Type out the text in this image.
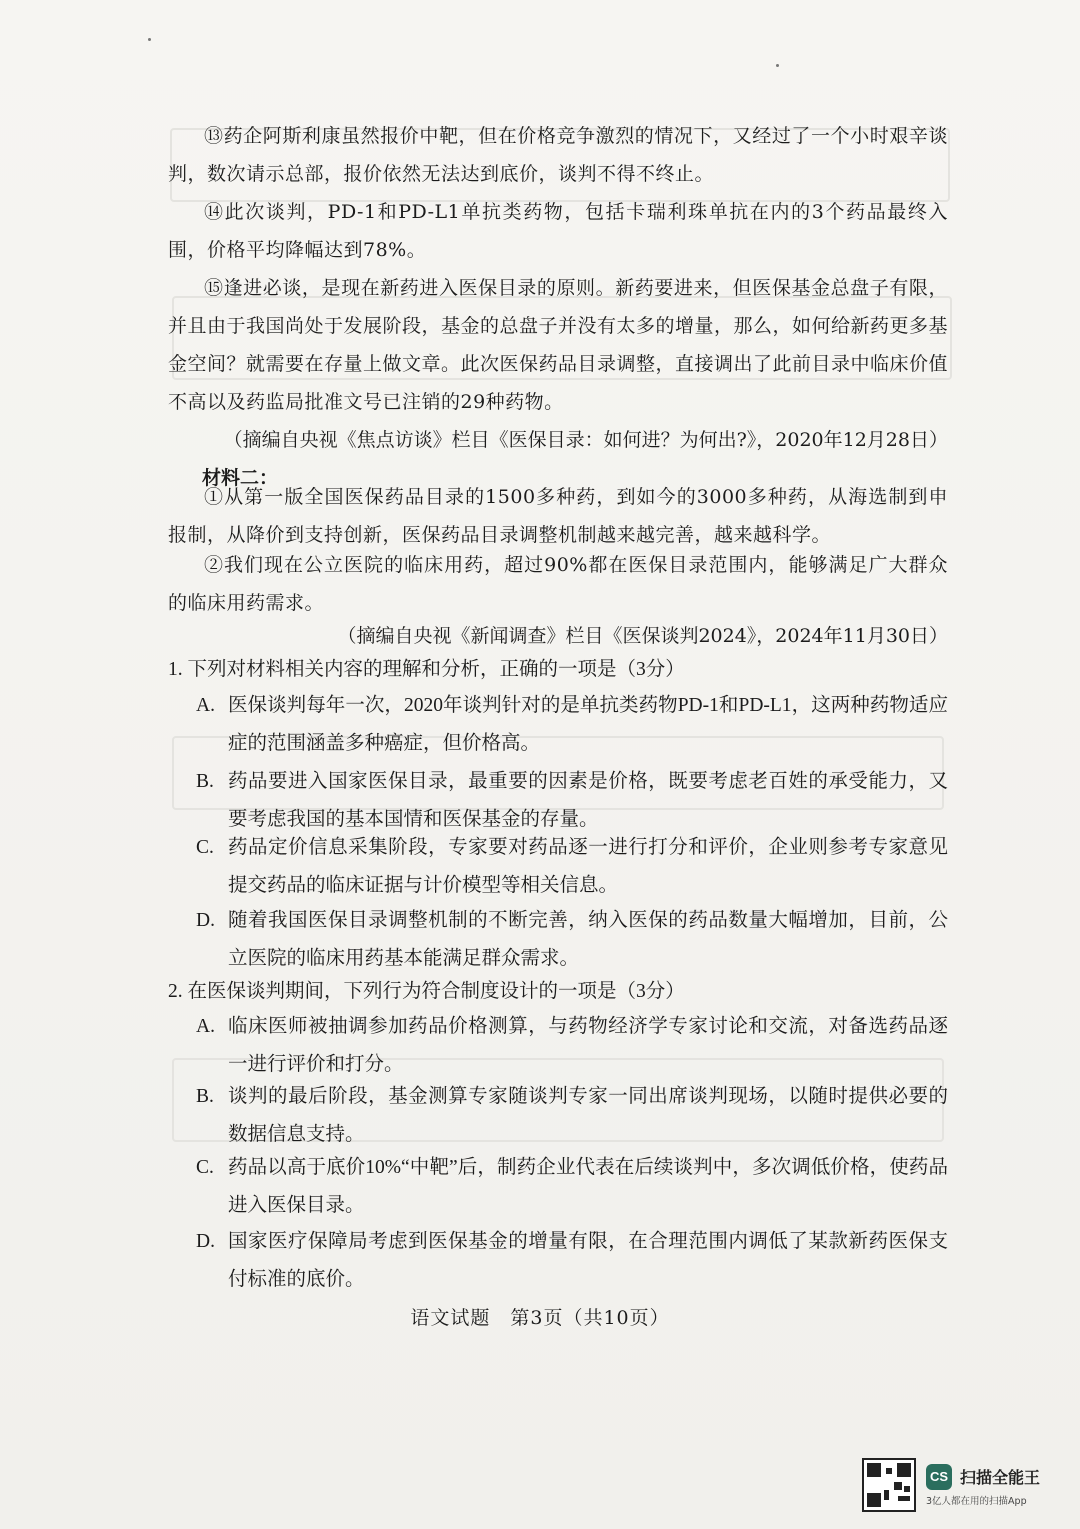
⑬药企阿斯利康虽然报价中靶，但在价格竞争激烈的情况下，又经过了一个小时艰辛谈判，数次请示总部，报价依然无法达到底价，谈判不得不终止。

⑭此次谈判，PD-1和PD-L1单抗类药物，包括卡瑞利珠单抗在内的3个药品最终入围，价格平均降幅达到78%。

⑮逢进必谈，是现在新药进入医保目录的原则。新药要进来，但医保基金总盘子有限，并且由于我国尚处于发展阶段，基金的总盘子并没有太多的增量，那么，如何给新药更多基金空间？就需要在存量上做文章。此次医保药品目录调整，直接调出了此前目录中临床价值不高以及药监局批准文号已注销的29种药物。

（摘编自央视《焦点访谈》栏目《医保目录：如何进？为何出?》，2020年12月28日）

材料二：

①从第一版全国医保药品目录的1500多种药，到如今的3000多种药，从海选制到申报制，从降价到支持创新，医保药品目录调整机制越来越完善，越来越科学。

②我们现在公立医院的临床用药，超过90%都在医保目录范围内，能够满足广大群众的临床用药需求。

（摘编自央视《新闻调查》栏目《医保谈判2024》，2024年11月30日）

1. 下列对材料相关内容的理解和分析，正确的一项是（3分）

A. 医保谈判每年一次，2020年谈判针对的是单抗类药物PD-1和PD-L1，这两种药物适应症的范围涵盖多种癌症，但价格高。
B. 药品要进入国家医保目录，最重要的因素是价格，既要考虑老百姓的承受能力，又要考虑我国的基本国情和医保基金的存量。
C. 药品定价信息采集阶段，专家要对药品逐一进行打分和评价，企业则参考专家意见提交药品的临床证据与计价模型等相关信息。
D. 随着我国医保目录调整机制的不断完善，纳入医保的药品数量大幅增加，目前，公立医院的临床用药基本能满足群众需求。

2. 在医保谈判期间，下列行为符合制度设计的一项是（3分）

A. 临床医师被抽调参加药品价格测算，与药物经济学专家讨论和交流，对备选药品逐一进行评价和打分。
B. 谈判的最后阶段，基金测算专家随谈判专家一同出席谈判现场，以随时提供必要的数据信息支持。
C. 药品以高于底价10%“中靶”后，制药企业代表在后续谈判中，多次调低价格，使药品进入医保目录。
D. 国家医疗保障局考虑到医保基金的增量有限，在合理范围内调低了某款新药医保支付标准的底价。

语文试题　第3页（共10页）

CS 扫描全能王
3亿人都在用的扫描App
